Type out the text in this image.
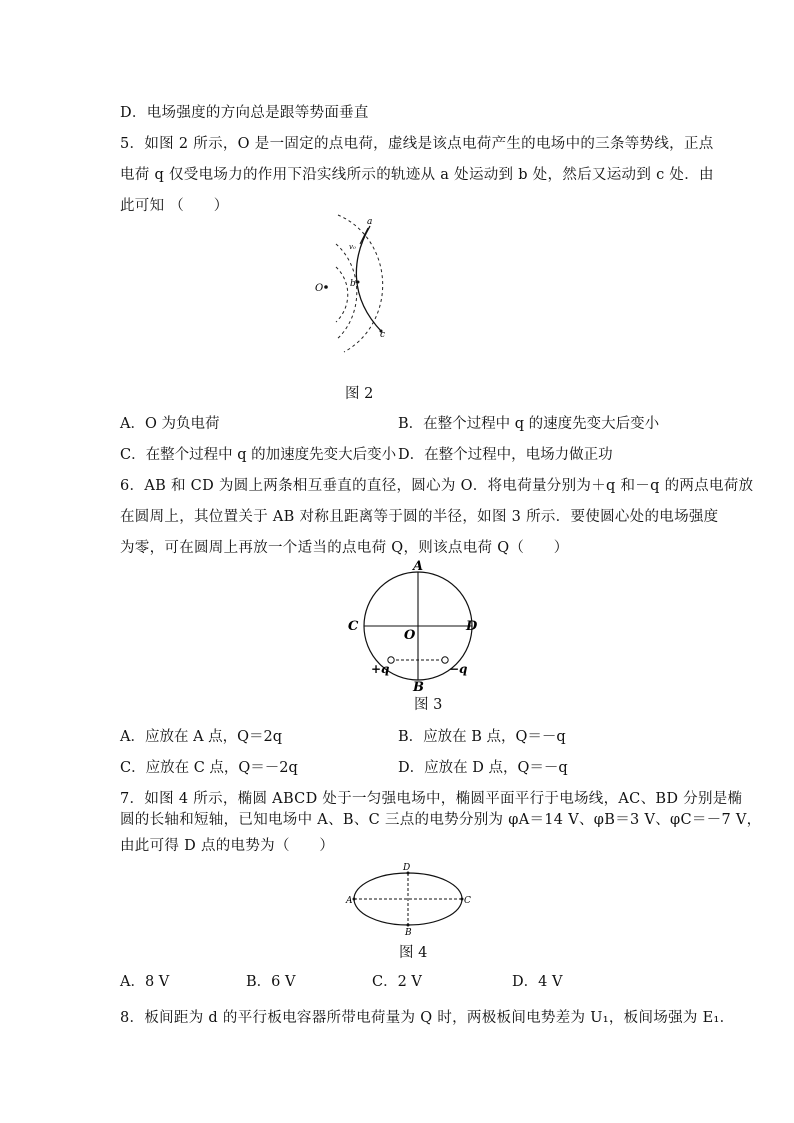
D．电场强度的方向总是跟等势面垂直
5．如图 2 所示，O 是一固定的点电荷，虚线是该点电荷产生的电场中的三条等势线，正点
电荷 q 仅受电场力的作用下沿实线所示的轨迹从 a 处运动到 b 处，然后又运动到 c 处．由
此可知 （　　）
O
a
v₀
b
c
图 2
A．O 为负电荷	B．在整个过程中 q 的速度先变大后变小
C．在整个过程中 q 的加速度先变大后变小 D．在整个过程中，电场力做正功
6．AB 和 CD 为圆上两条相互垂直的直径，圆心为 O．将电荷量分别为＋q 和－q 的两点电荷放
在圆周上，其位置关于 AB 对称且距离等于圆的半径，如图 3 所示．要使圆心处的电场强度
为零，可在圆周上再放一个适当的点电荷 Q，则该点电荷 Q（　　）
A
B
C	D
O
+q	−q
图 3
A．应放在 A 点，Q＝2q	B．应放在 B 点，Q＝－q
C．应放在 C 点，Q＝－2q	D．应放在 D 点，Q＝－q
7．如图 4 所示，椭圆 ABCD 处于一匀强电场中，椭圆平面平行于电场线，AC、BD 分别是椭
圆的长轴和短轴，已知电场中 A、B、C 三点的电势分别为 φA＝14 V、φB＝3 V、φC＝－7 V，
由此可得 D 点的电势为（　　）
A	C
D
B
图 4
A．8 V	B．6 V	C．2 V	D．4 V
8．板间距为 d 的平行板电容器所带电荷量为 Q 时，两极板间电势差为 U₁，板间场强为 E₁．
